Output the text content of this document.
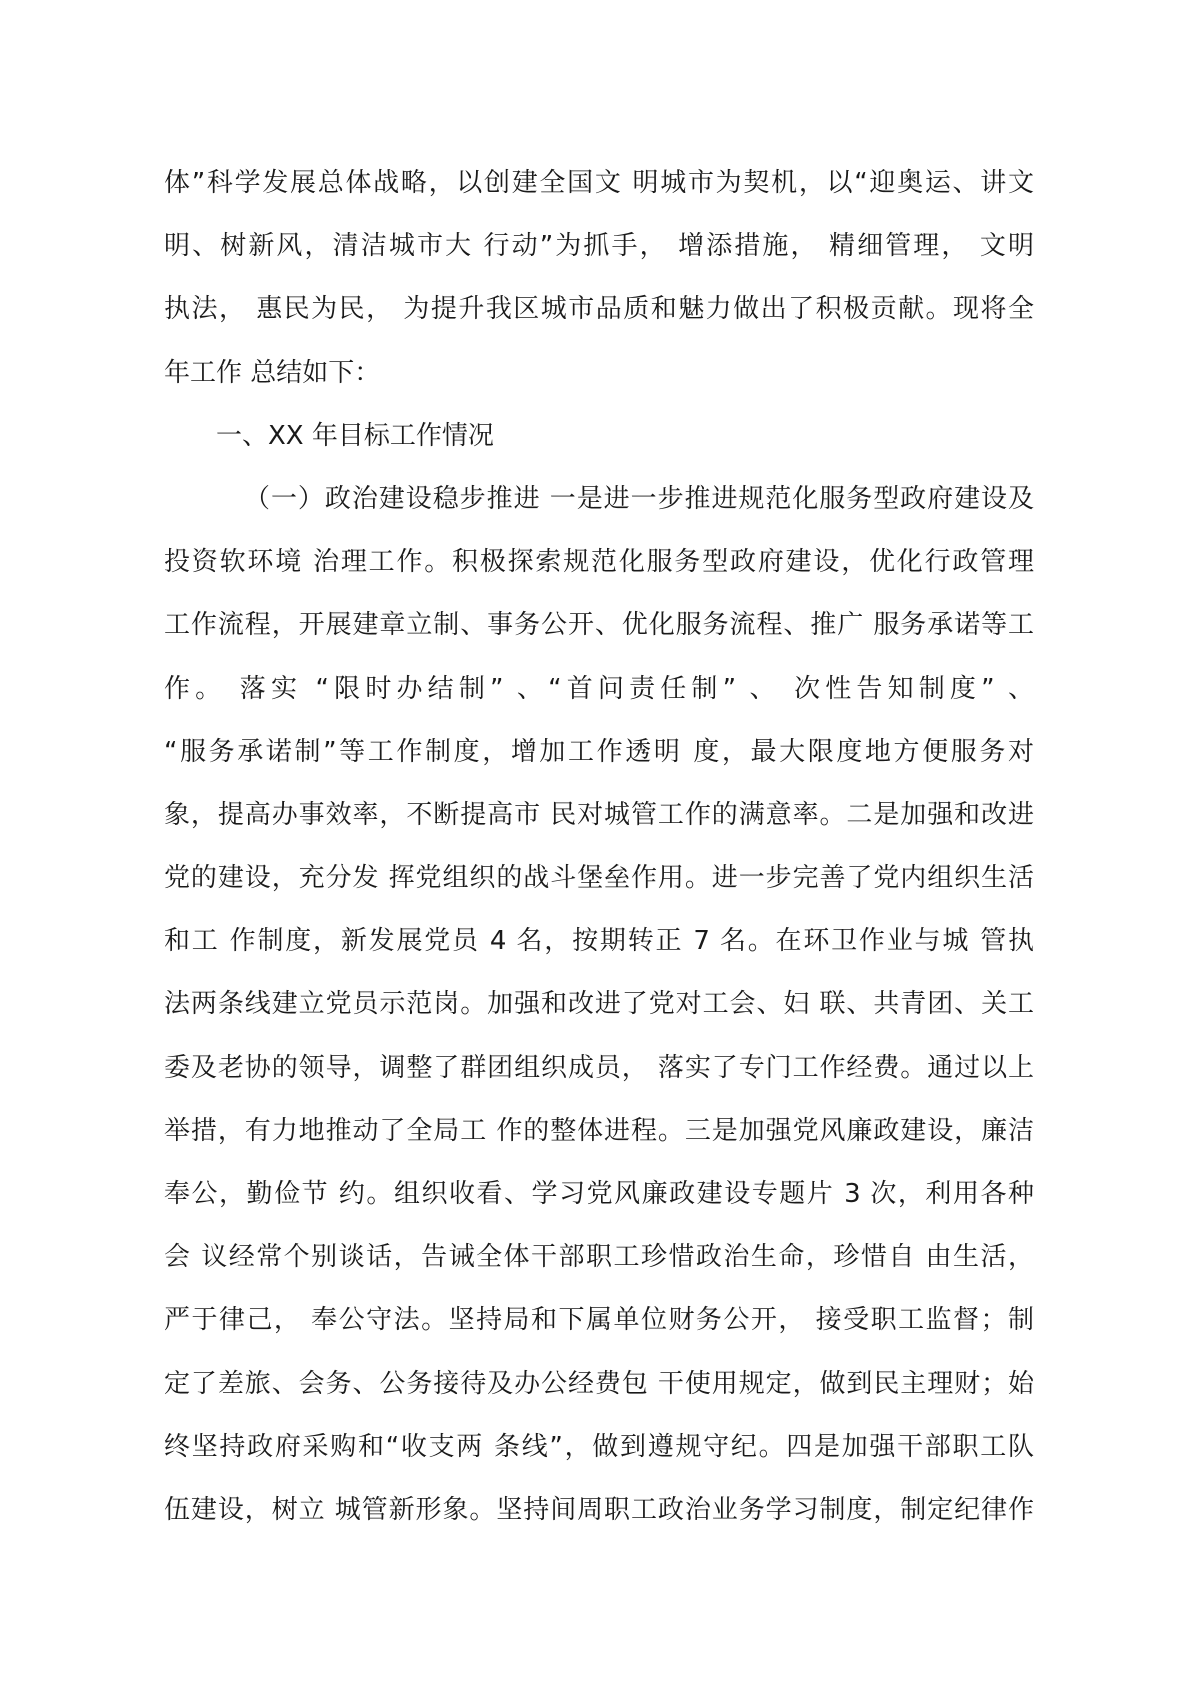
体”科学发展总体战略，以创建全国文 明城市为契机，以“迎奥运、讲文
明、树新风，清洁城市大 行动”为抓手， 增添措施， 精细管理， 文明
执法， 惠民为民， 为提升我区城市品质和魅力做出了积极贡献。现将全
年工作 总结如下：
一、XX 年目标工作情况
（一）政治建设稳步推进 一是进一步推进规范化服务型政府建设及
投资软环境 治理工作。积极探索规范化服务型政府建设，优化行政管理
工作流程，开展建章立制、事务公开、优化服务流程、推广 服务承诺等工
作。 落实 “限时办结制” 、“首问责任制” 、 次性告知制度” 、
“服务承诺制”等工作制度，增加工作透明 度，最大限度地方便服务对
象，提高办事效率，不断提高市 民对城管工作的满意率。二是加强和改进
党的建设，充分发 挥党组织的战斗堡垒作用。进一步完善了党内组织生活
和工 作制度，新发展党员 4 名，按期转正 7 名。在环卫作业与城 管执
法两条线建立党员示范岗。加强和改进了党对工会、妇 联、共青团、关工
委及老协的领导，调整了群团组织成员， 落实了专门工作经费。通过以上
举措，有力地推动了全局工 作的整体进程。三是加强党风廉政建设，廉洁
奉公，勤俭节 约。组织收看、学习党风廉政建设专题片 3 次，利用各种
会 议经常个别谈话，告诫全体干部职工珍惜政治生命，珍惜自 由生活，
严于律己， 奉公守法。坚持局和下属单位财务公开， 接受职工监督；制
定了差旅、会务、公务接待及办公经费包 干使用规定，做到民主理财；始
终坚持政府采购和“收支两 条线”，做到遵规守纪。四是加强干部职工队
伍建设，树立 城管新形象。坚持间周职工政治业务学习制度，制定纪律作
